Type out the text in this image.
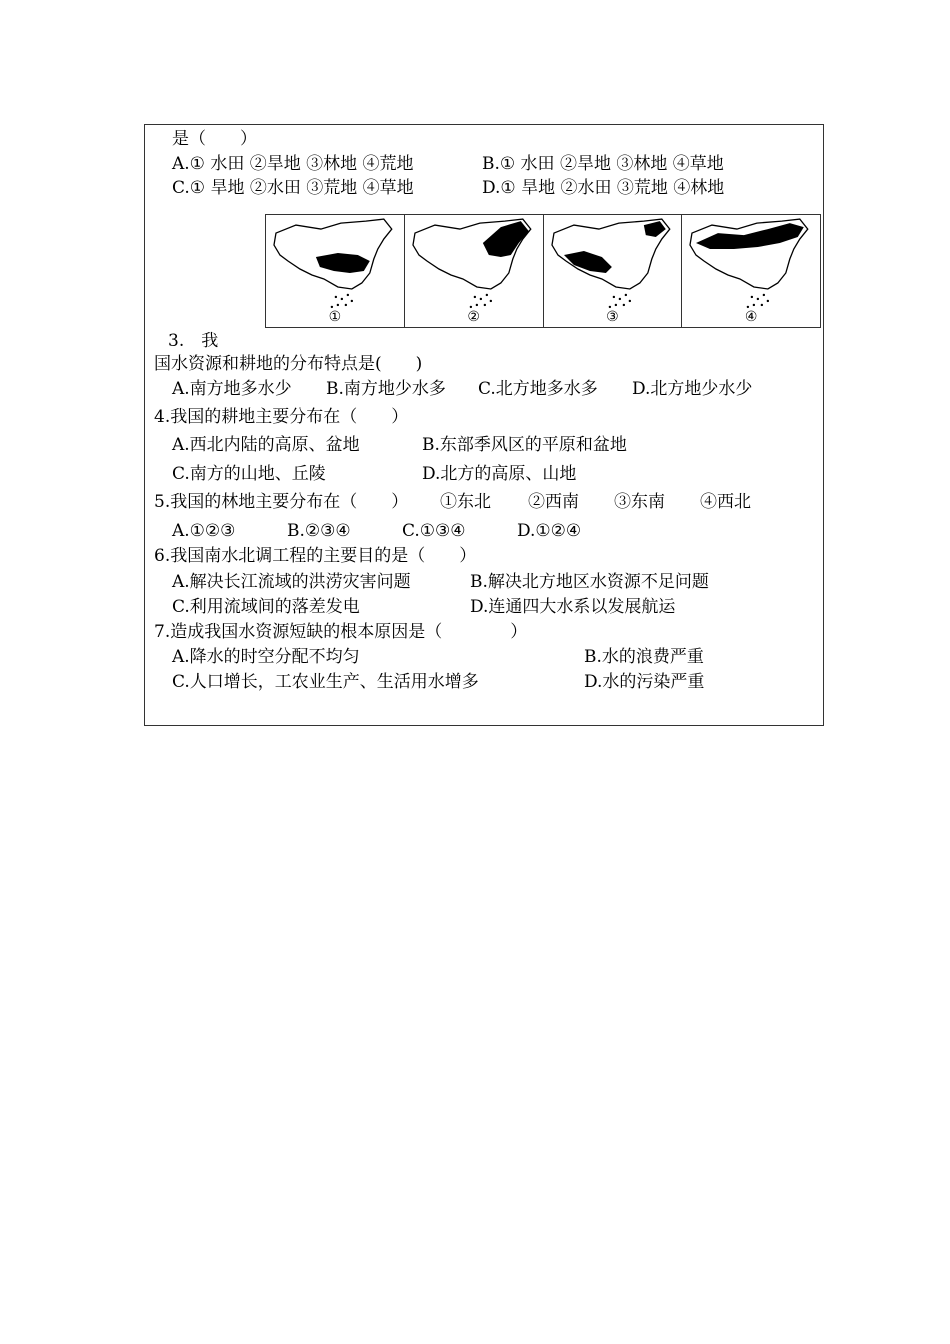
是（　　）
A.① 水田 ②旱地 ③林地 ④荒地	B.① 水田 ②旱地 ③林地 ④草地
C.① 旱地 ②水田 ③荒地 ④草地	D.① 旱地 ②水田 ③荒地 ④林地
①	②	③	④
3.　我
国水资源和耕地的分布特点是(　　)
A.南方地多水少 B.南方地少水多 C.北方地多水多 D.北方地少水少
4.我国的耕地主要分布在（　　）
A.西北内陆的高原、盆地	B.东部季风区的平原和盆地
C.南方的山地、丘陵	D.北方的高原、山地
5.我国的林地主要分布在（　　） ①东北 ②西南 ③东南 ④西北
A.①②③	B.②③④	C.①③④	D.①②④
6.我国南水北调工程的主要目的是（　　）
A.解决长江流域的洪涝灾害问题	B.解决北方地区水资源不足问题
C.利用流域间的落差发电	D.连通四大水系以发展航运
7.造成我国水资源短缺的根本原因是（　　　　）
A.降水的时空分配不均匀	B.水的浪费严重
C.人口增长，工农业生产、生活用水增多	D.水的污染严重
